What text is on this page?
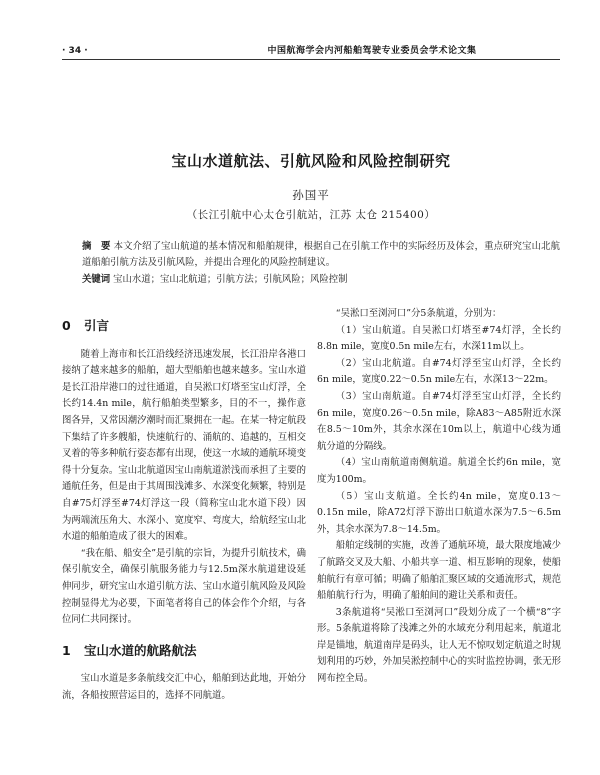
· 34 ·	中国航海学会内河船舶驾驶专业委员会学术论文集
宝山水道航法、引航风险和风险控制研究
孙国平
（长江引航中心太仓引航站，江苏 太仓 215400）
摘　要 本文介绍了宝山航道的基本情况和船舶规律，根据自己在引航工作中的实际经历及体会，重点研究宝山北航道船舶引航方法及引航风险，并提出合理化的风险控制建议。
关键词 宝山水道；宝山北航道；引航方法；引航风险；风险控制
0 引言

随着上海市和长江沿线经济迅速发展，长江沿岸各港口接纳了越来越多的船舶，超大型船舶也越来越多。宝山水道是长江沿岸港口的过往通道，自吴淞口灯塔至宝山灯浮，全长约14.4n mile，航行船舶类型繁多，目的不一，操作意图各异，又常因潮汐潮时而汇聚拥在一起。在某一特定航段下集结了许多艘船，快速航行的、涌航的、追越的，互相交叉着的等多种航行姿态都有出现，使这一水域的通航环境变得十分复杂。宝山北航道因宝山南航道淤浅而承担了主要的通航任务，但是由于其周围浅滩多、水深变化频繁，特别是自#75灯浮至#74灯浮这一段（简称宝山北水道下段）因为两端流压角大、水深小、宽度窄、弯度大，给航经宝山北水道的船舶造成了很大的困难。

“我在船、船安全”是引航的宗旨，为提升引航技术，确保引航安全，确保引航服务能力与12.5m深水航道建设延伸同步，研究宝山水道引航方法、宝山水道引航风险及风险控制显得尤为必要，下面笔者将自己的体会作个介绍，与各位同仁共同探讨。

1 宝山水道的航路航法

宝山水道是多条航线交汇中心，船舶到达此地，开始分流，各船按照营运目的，选择不同航道。

“吴淞口至浏河口”分5条航道，分别为：

（1）宝山航道。自吴淞口灯塔至#74灯浮，全长约8.8n mile，宽度0.5n mile左右，水深11m以上。

（2）宝山北航道。自#74灯浮至宝山灯浮，全长约6n mile，宽度0.22～0.5n mile左右，水深13～22m。

（3）宝山南航道。自#74灯浮至宝山灯浮，全长约6n mile，宽度0.26～0.5n mile，除A83～A85附近水深在8.5～10m外，其余水深在10m以上，航道中心线为通航分道的分隔线。

（4）宝山南航道南侧航道。航道全长约6n mile，宽度为100m。

（5）宝山支航道。全长约4n mile，宽度0.13～0.15n mile，除A72灯浮下游出口航道水深为7.5～6.5m外，其余水深为7.8～14.5m。

船舶定线制的实施，改善了通航环境，最大限度地减少了航路交叉及大船、小船共享一道、相互影响的现象，使船舶航行有章可循；明确了船舶汇聚区域的交通流形式，规范船舶航行行为，明确了船舶间的避让关系和责任。

3条航道将“吴淞口至浏河口”段划分成了一个横“8”字形。5条航道将除了浅滩之外的水域充分利用起来，航道北岸是锚地，航道南岸是码头，让人无不惊叹划定航道之时规划利用的巧妙，外加吴淞控制中心的实时监控协调，张无形网布控全局。
